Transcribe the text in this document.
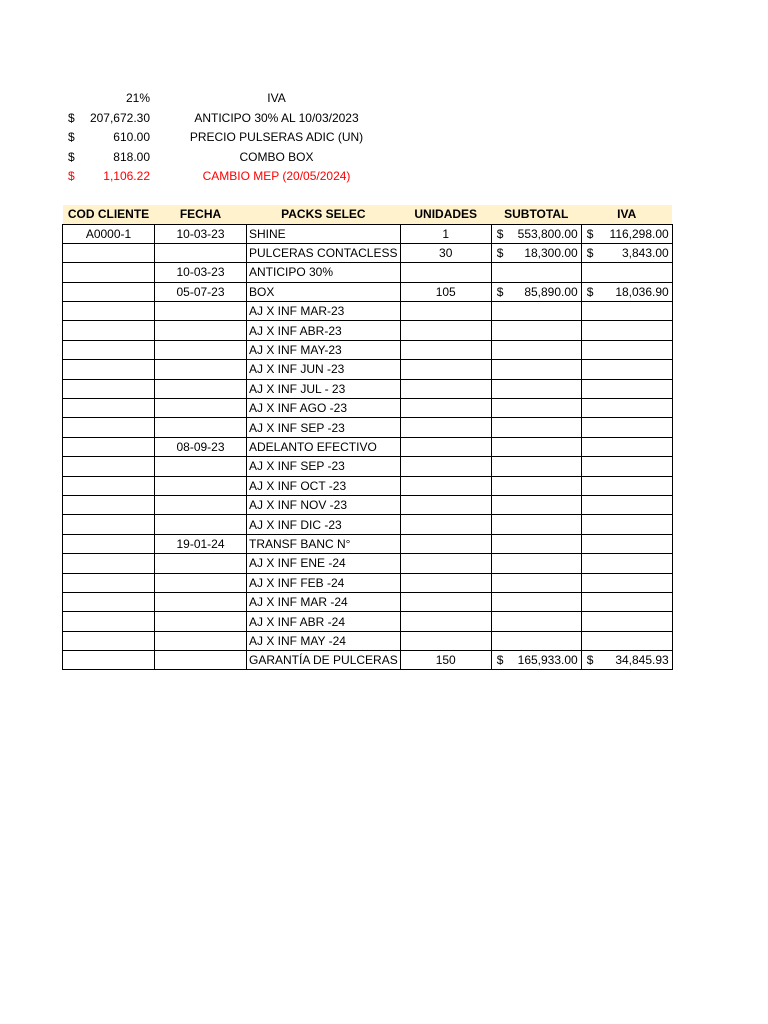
21%	IVA
$	207,672.30	ANTICIPO 30% AL 10/03/2023
$	610.00	PRECIO PULSERAS ADIC (UN)
$	818.00	COMBO BOX
$	1,106.22	CAMBIO MEP (20/05/2024)
COD CLIENTE	FECHA	PACKS SELEC	UNIDADES	SUBTOTAL	IVA
A0000-1	10-03-23	SHINE	1	$ 553,800.00	$ 116,298.00

		PULCERAS CONTACLESS	30	$ 18,300.00	$ 3,843.00

	10-03-23	ANTICIPO 30%		

	05-07-23	BOX	105	$ 85,890.00	$ 18,036.90

		AJ X INF MAR-23		

		AJ X INF ABR-23		

		AJ X INF MAY-23		

		AJ X INF JUN -23		

		AJ X INF JUL - 23		

		AJ X INF AGO -23		

		AJ X INF SEP -23		

	08-09-23	ADELANTO EFECTIVO		

		AJ X INF SEP -23		

		AJ X INF OCT -23		

		AJ X INF NOV -23		

		AJ X INF DIC -23		

	19-01-24	TRANSF BANC N°		

		AJ X INF ENE -24		

		AJ X INF FEB -24		

		AJ X INF MAR -24		

		AJ X INF ABR -24		

		AJ X INF MAY -24		

		GARANTÍA DE PULCERAS	150	$ 165,933.00	$ 34,845.93
